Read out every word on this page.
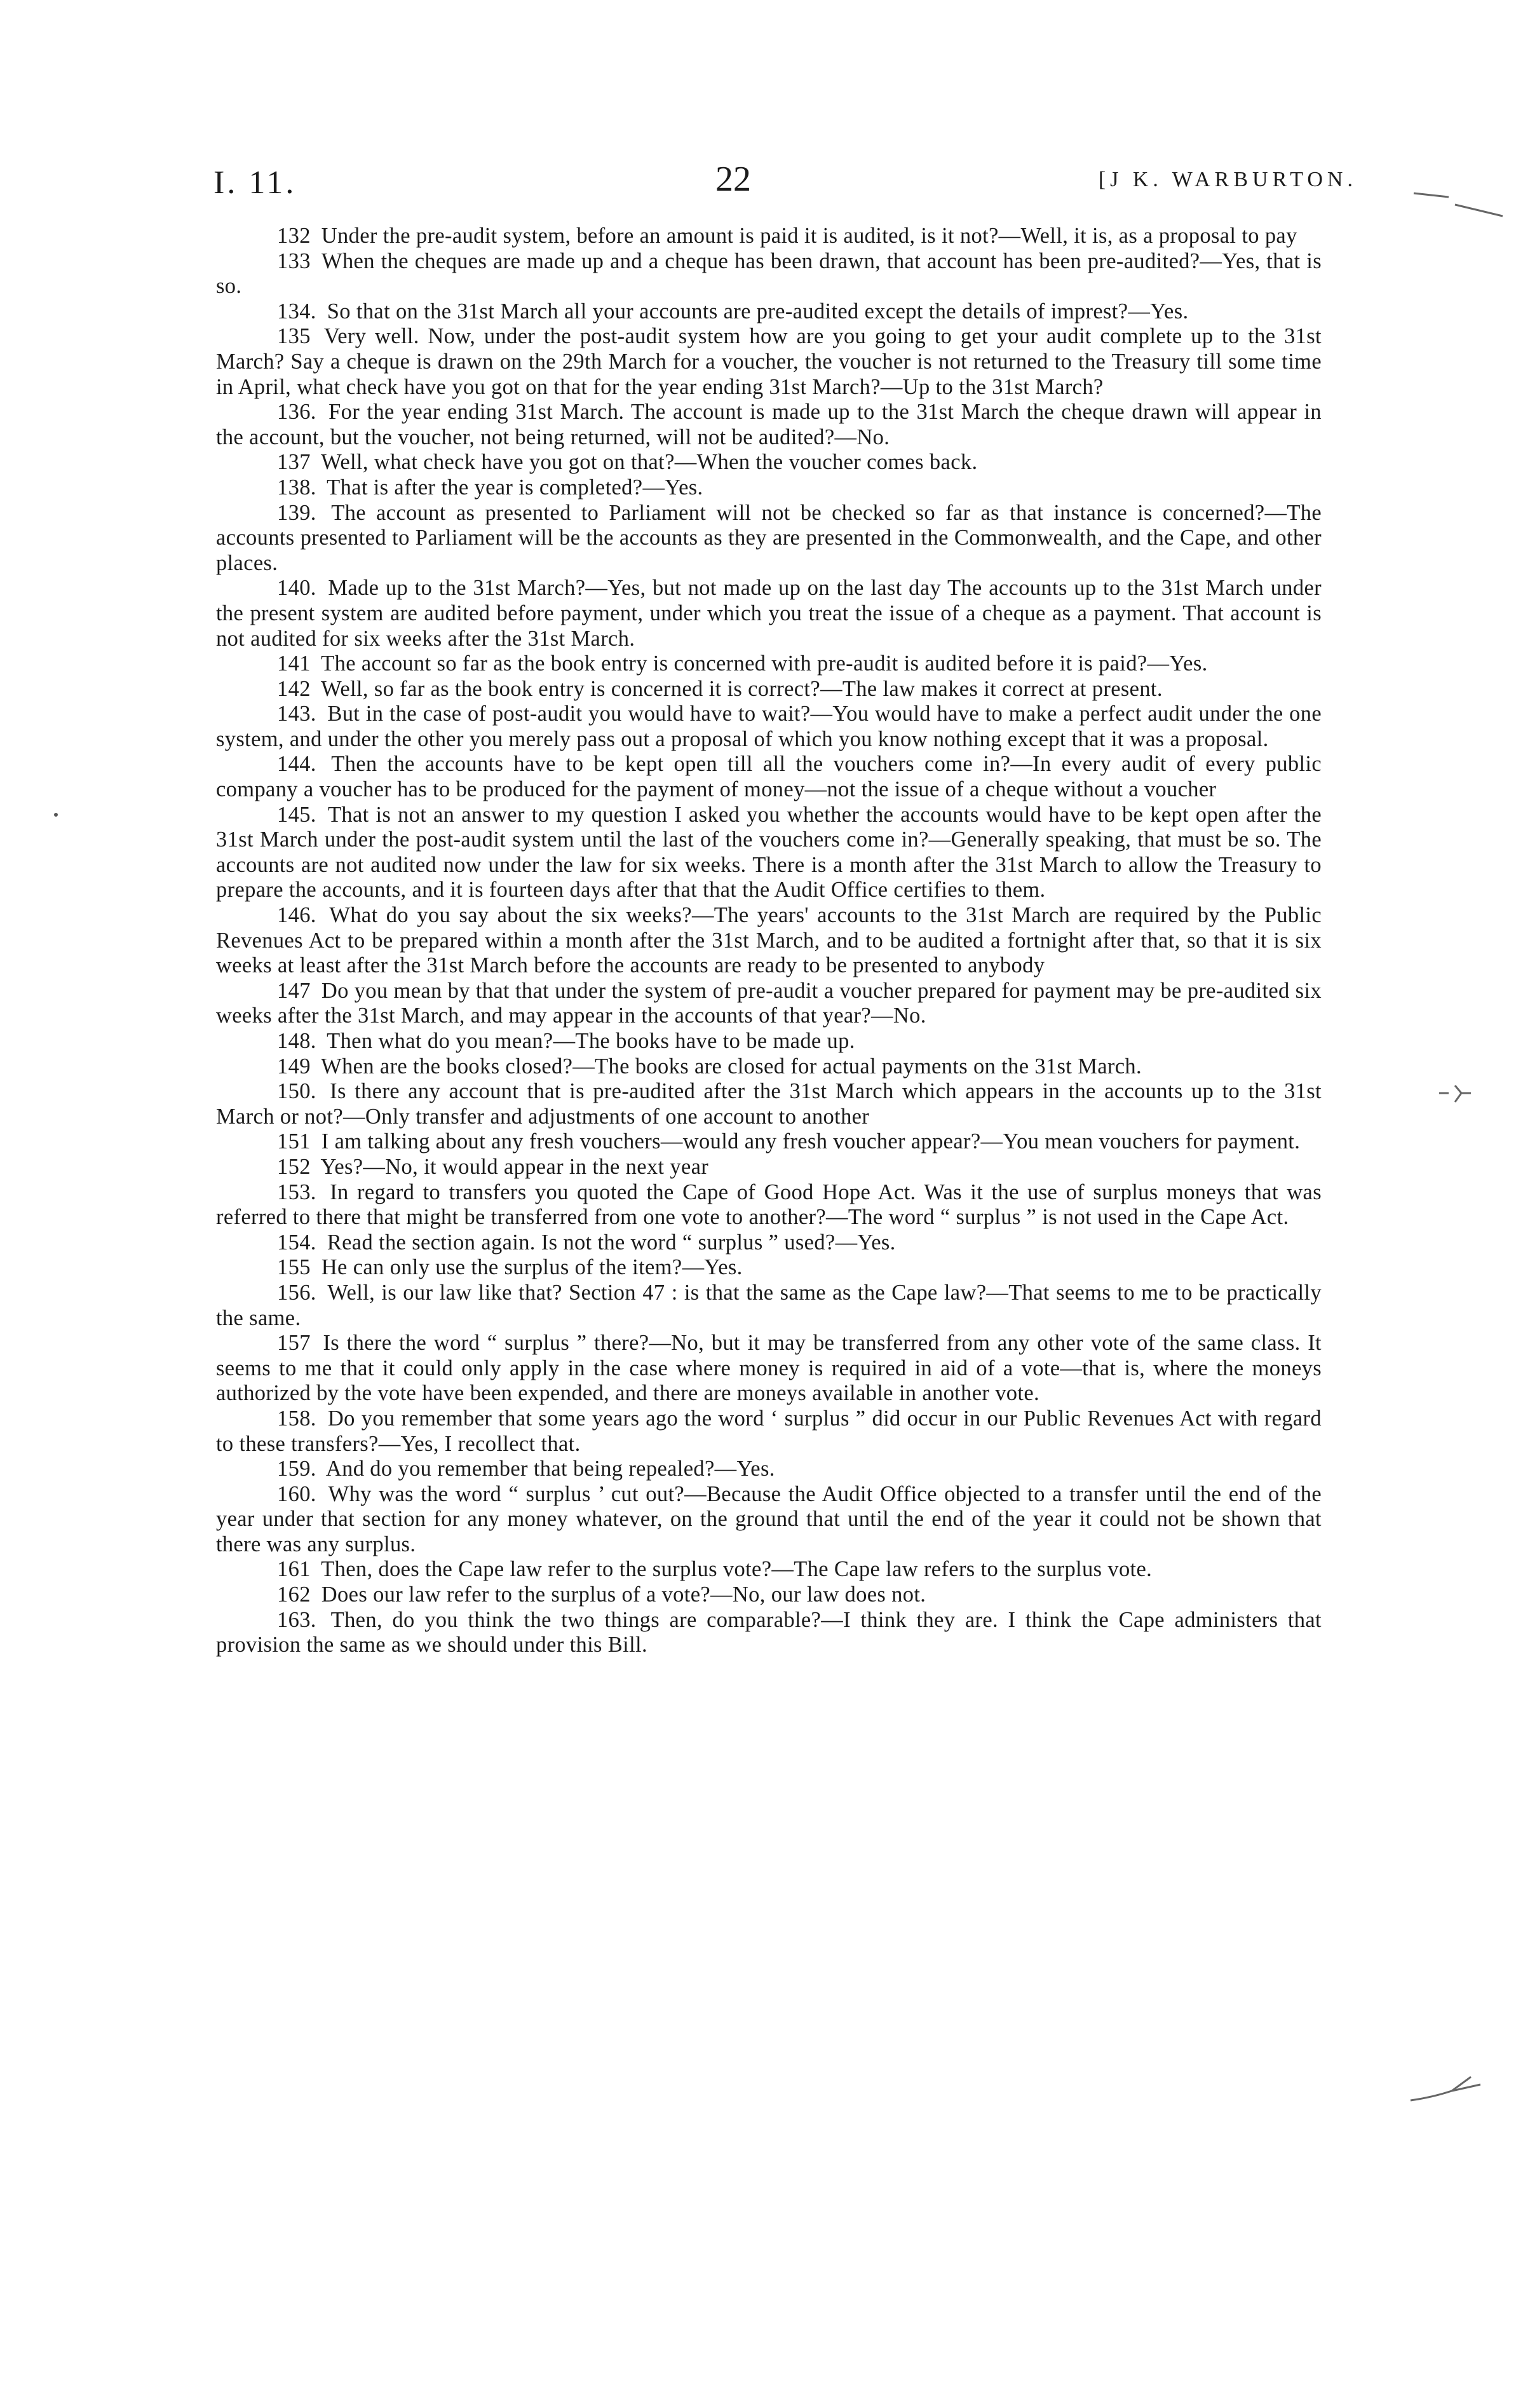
I. 11.	22	[J K. WARBURTON.

132 Under the pre-audit system, before an amount is paid it is audited, is it not?—Well, it is, as a proposal to pay

133 When the cheques are made up and a cheque has been drawn, that account has been pre-audited?—Yes, that is so.

134. So that on the 31st March all your accounts are pre-audited except the details of imprest?—Yes.

135 Very well. Now, under the post-audit system how are you going to get your audit complete up to the 31st March? Say a cheque is drawn on the 29th March for a voucher, the voucher is not returned to the Treasury till some time in April, what check have you got on that for the year ending 31st March?—Up to the 31st March?

136. For the year ending 31st March. The account is made up to the 31st March the cheque drawn will appear in the account, but the voucher, not being returned, will not be audited?—No.

137 Well, what check have you got on that?—When the voucher comes back.

138. That is after the year is completed?—Yes.

139. The account as presented to Parliament will not be checked so far as that instance is concerned?—The accounts presented to Parliament will be the accounts as they are presented in the Commonwealth, and the Cape, and other places.

140. Made up to the 31st March?—Yes, but not made up on the last day The accounts up to the 31st March under the present system are audited before payment, under which you treat the issue of a cheque as a payment. That account is not audited for six weeks after the 31st March.

141 The account so far as the book entry is concerned with pre-audit is audited before it is paid?—Yes.

142 Well, so far as the book entry is concerned it is correct?—The law makes it correct at present.

143. But in the case of post-audit you would have to wait?—You would have to make a perfect audit under the one system, and under the other you merely pass out a proposal of which you know nothing except that it was a proposal.

144. Then the accounts have to be kept open till all the vouchers come in?—In every audit of every public company a voucher has to be produced for the payment of money—not the issue of a cheque without a voucher

145. That is not an answer to my question I asked you whether the accounts would have to be kept open after the 31st March under the post-audit system until the last of the vouchers come in?—Generally speaking, that must be so. The accounts are not audited now under the law for six weeks. There is a month after the 31st March to allow the Treasury to prepare the accounts, and it is fourteen days after that that the Audit Office certifies to them.

146. What do you say about the six weeks?—The years' accounts to the 31st March are required by the Public Revenues Act to be prepared within a month after the 31st March, and to be audited a fortnight after that, so that it is six weeks at least after the 31st March before the accounts are ready to be presented to anybody

147 Do you mean by that that under the system of pre-audit a voucher prepared for payment may be pre-audited six weeks after the 31st March, and may appear in the accounts of that year?—No.

148. Then what do you mean?—The books have to be made up.

149 When are the books closed?—The books are closed for actual payments on the 31st March.

150. Is there any account that is pre-audited after the 31st March which appears in the accounts up to the 31st March or not?—Only transfer and adjustments of one account to another

151 I am talking about any fresh vouchers—would any fresh voucher appear?—You mean vouchers for payment.

152 Yes?—No, it would appear in the next year

153. In regard to transfers you quoted the Cape of Good Hope Act. Was it the use of surplus moneys that was referred to there that might be transferred from one vote to another?—The word “ surplus ” is not used in the Cape Act.

154. Read the section again. Is not the word “ surplus ” used?—Yes.

155 He can only use the surplus of the item?—Yes.

156. Well, is our law like that? Section 47 : is that the same as the Cape law?—That seems to me to be practically the same.

157 Is there the word “ surplus ” there?—No, but it may be transferred from any other vote of the same class. It seems to me that it could only apply in the case where money is required in aid of a vote—that is, where the moneys authorized by the vote have been expended, and there are moneys available in another vote.

158. Do you remember that some years ago the word ‘ surplus ” did occur in our Public Revenues Act with regard to these transfers?—Yes, I recollect that.

159. And do you remember that being repealed?—Yes.

160. Why was the word “ surplus ’ cut out?—Because the Audit Office objected to a transfer until the end of the year under that section for any money whatever, on the ground that until the end of the year it could not be shown that there was any surplus.

161 Then, does the Cape law refer to the surplus vote?—The Cape law refers to the surplus vote.

162 Does our law refer to the surplus of a vote?—No, our law does not.

163. Then, do you think the two things are comparable?—I think they are. I think the Cape administers that provision the same as we should under this Bill.
